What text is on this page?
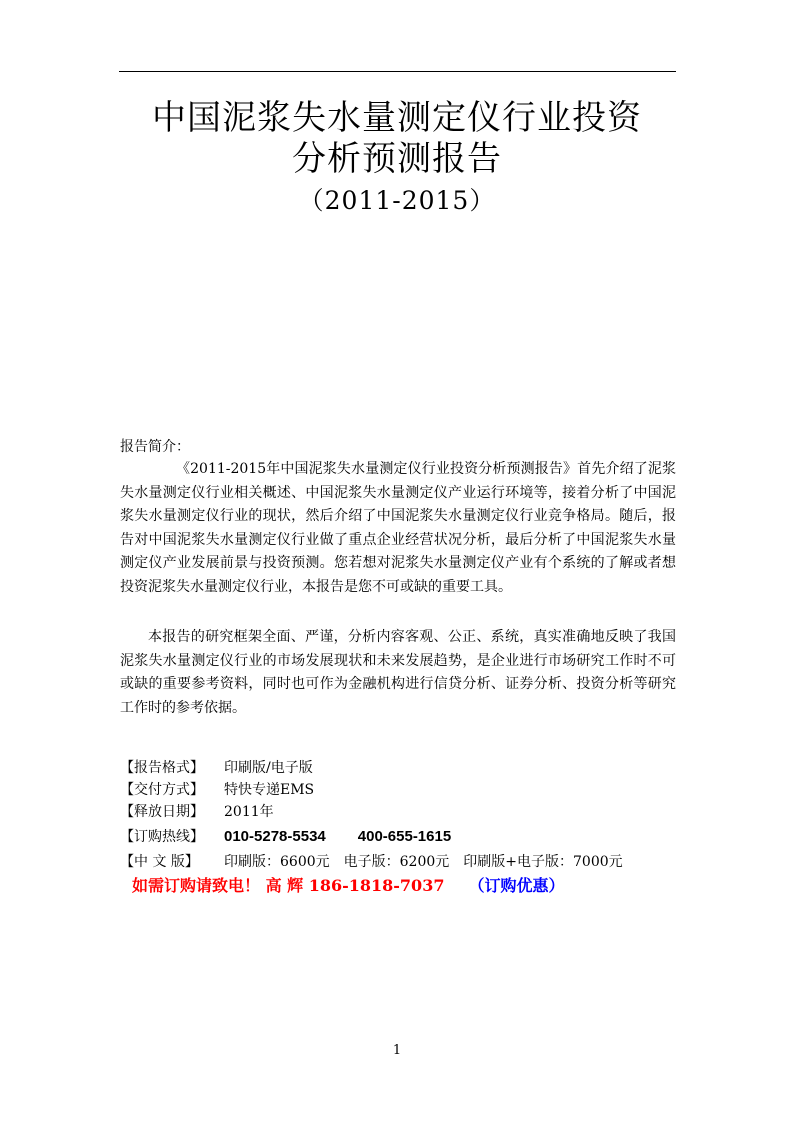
中国泥浆失水量测定仪行业投资
分析预测报告
（2011-2015）
报告简介：
《2011-2015年中国泥浆失水量测定仪行业投资分析预测报告》首先介绍了泥浆失水量测定仪行业相关概述、中国泥浆失水量测定仪产业运行环境等，接着分析了中国泥浆失水量测定仪行业的现状，然后介绍了中国泥浆失水量测定仪行业竞争格局。随后，报告对中国泥浆失水量测定仪行业做了重点企业经营状况分析，最后分析了中国泥浆失水量测定仪产业发展前景与投资预测。您若想对泥浆失水量测定仪产业有个系统的了解或者想投资泥浆失水量测定仪行业，本报告是您不可或缺的重要工具。
本报告的研究框架全面、严谨，分析内容客观、公正、系统，真实准确地反映了我国泥浆失水量测定仪行业的市场发展现状和未来发展趋势，是企业进行市场研究工作时不可或缺的重要参考资料，同时也可作为金融机构进行信贷分析、证券分析、投资分析等研究工作时的参考依据。
【报告格式】 印刷版/电子版
【交付方式】 特快专递EMS
【释放日期】 2011年
【订购热线】 010-5278-5534 400-655-1615
【中 文 版】 印刷版：6600元 电子版：6200元 印刷版+电子版：7000元
如需订购请致电！ 高 辉 186-1818-7037 （订购优惠）
1
